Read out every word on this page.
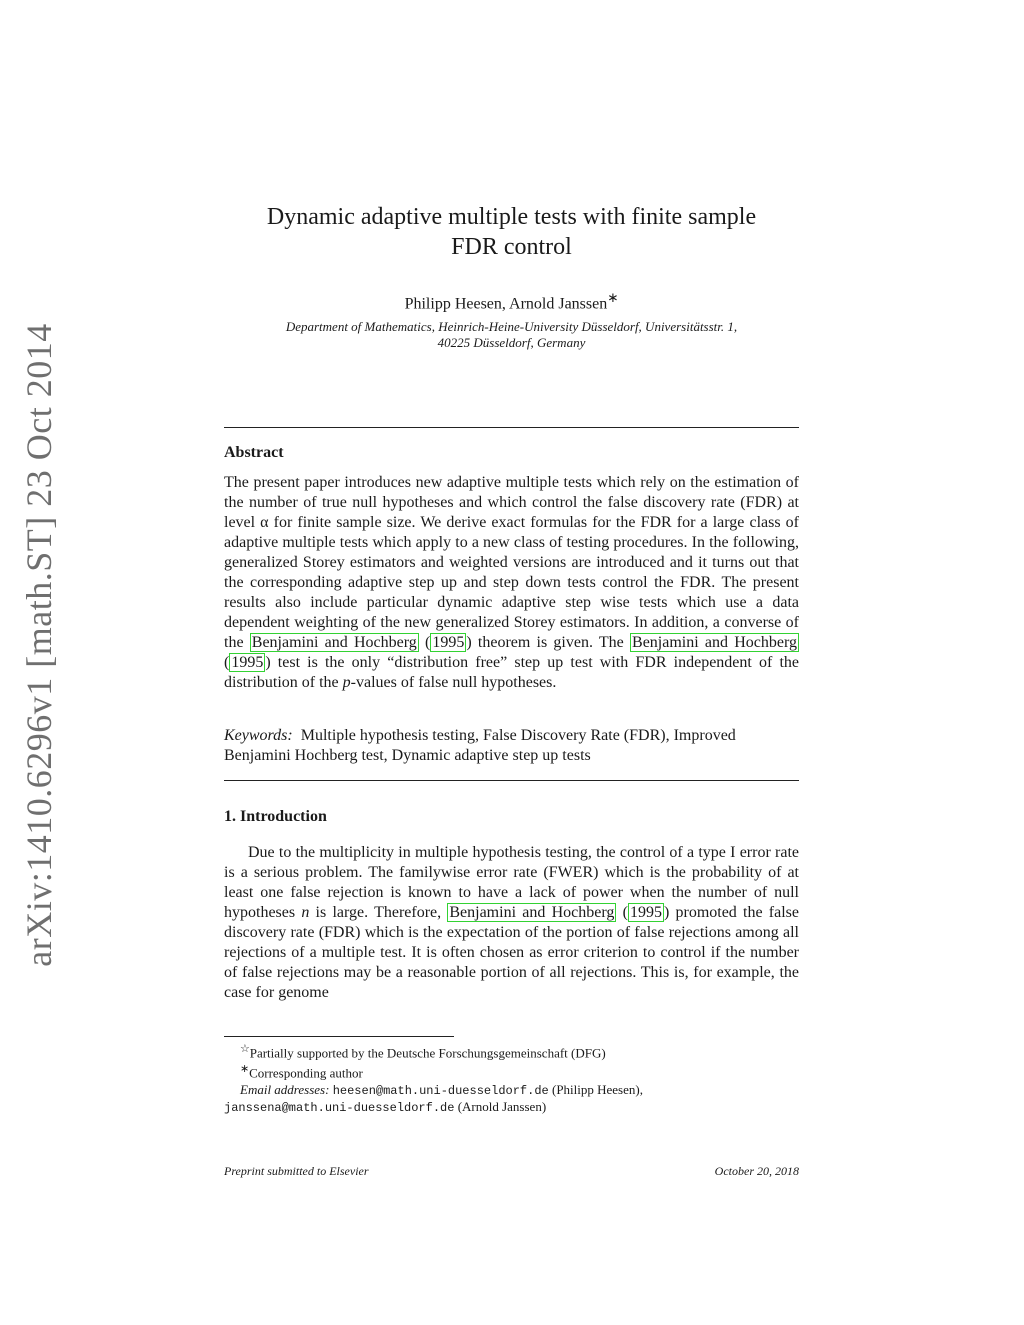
arXiv:1410.6296v1 [math.ST] 23 Oct 2014
Dynamic adaptive multiple tests with finite sample
FDR control
Philipp Heesen, Arnold Janssen∗
Department of Mathematics, Heinrich-Heine-University Düsseldorf, Universitätsstr. 1,
40225 Düsseldorf, Germany
Abstract
The present paper introduces new adaptive multiple tests which rely on the estimation of the number of true null hypotheses and which control the false discovery rate (FDR) at level α for finite sample size. We derive exact formulas for the FDR for a large class of adaptive multiple tests which apply to a new class of testing procedures. In the following, generalized Storey estimators and weighted versions are introduced and it turns out that the corresponding adaptive step up and step down tests control the FDR. The present results also include particular dynamic adaptive step wise tests which use a data dependent weighting of the new generalized Storey estimators. In addition, a converse of the Benjamini and Hochberg ( 1995 ) theorem is given. The Benjamini and Hochberg ( 1995 ) test is the only “distribution free” step up test with FDR independent of the distribution of the p-values of false null hypotheses.
Keywords: Multiple hypothesis testing, False Discovery Rate (FDR), Improved Benjamini Hochberg test, Dynamic adaptive step up tests
1. Introduction
Due to the multiplicity in multiple hypothesis testing, the control of a type I error rate is a serious problem. The familywise error rate (FWER) which is the probability of at least one false rejection is known to have a lack of power when the number of null hypotheses n is large. Therefore, Benjamini and Hochberg ( 1995 ) promoted the false discovery rate (FDR) which is the expectation of the portion of false rejections among all rejections of a multiple test. It is often chosen as error criterion to control if the number of false rejections may be a reasonable portion of all rejections. This is, for example, the case for genome
☆Partially supported by the Deutsche Forschungsgemeinschaft (DFG)
∗Corresponding author
Email addresses: heesen@math.uni-duesseldorf.de (Philipp Heesen),
janssena@math.uni-duesseldorf.de (Arnold Janssen)
Preprint submitted to Elsevier	October 20, 2018
